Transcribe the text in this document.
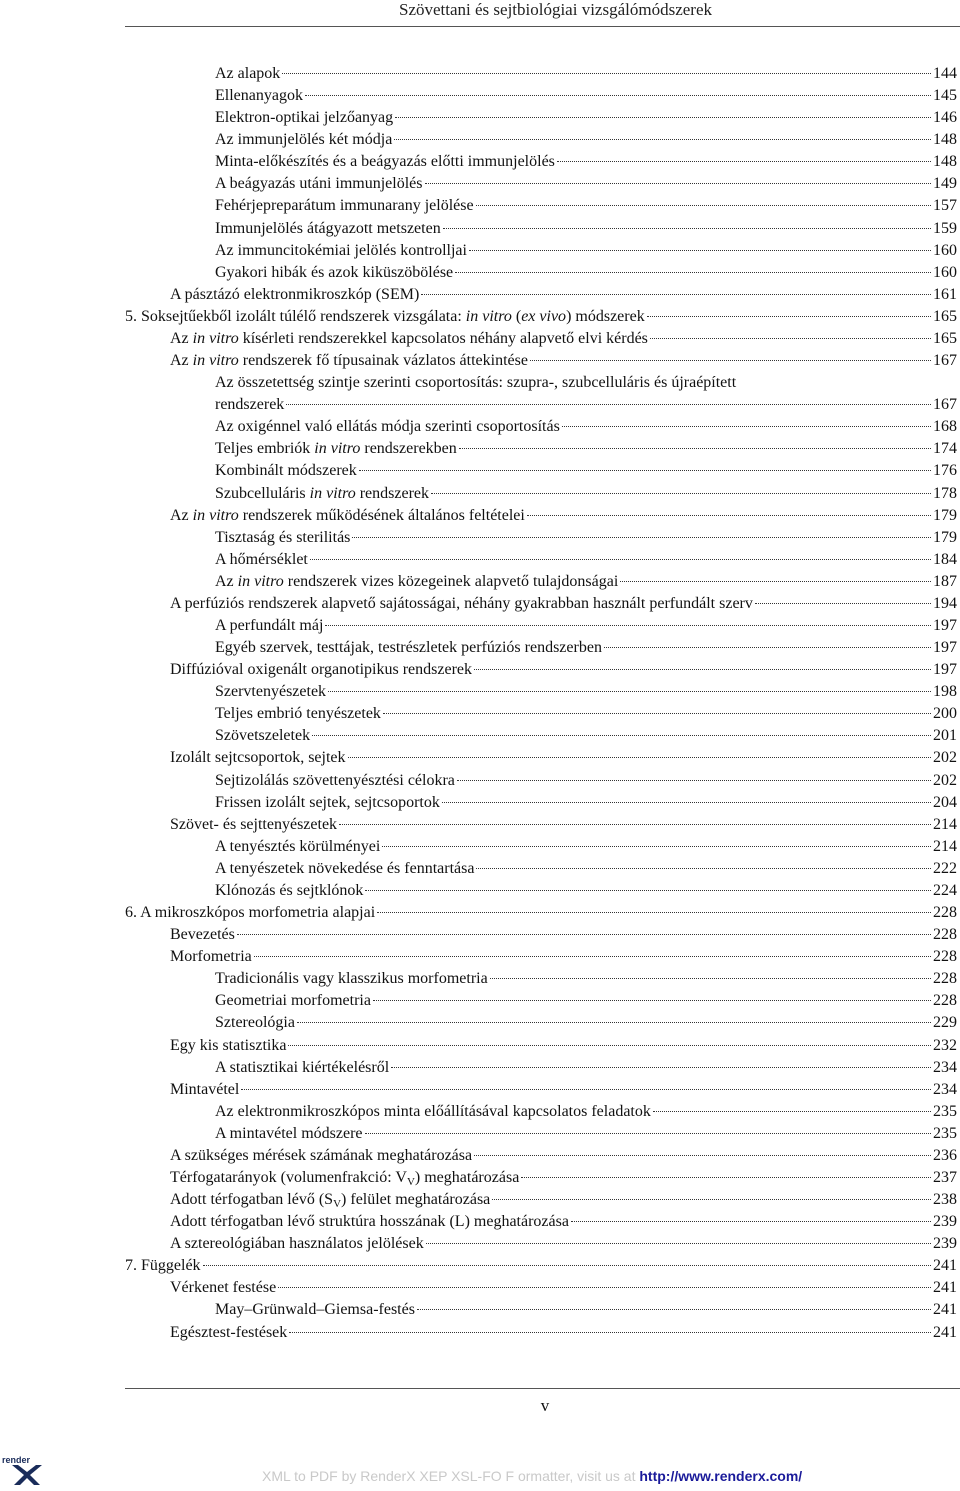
Szövettani és sejtbiológiai vizsgálómódszerek
Az alapok	144
Ellenanyagok	145
Elektron-optikai jelzőanyag	146
Az immunjelölés két módja	148
Minta-előkészítés és a beágyazás előtti immunjelölés	148
A beágyazás utáni immunjelölés	149
Fehérjepreparátum immunarany jelölése	157
Immunjelölés átágyazott metszeten	159
Az immuncitokémiai jelölés kontrolljai	160
Gyakori hibák és azok kiküszöbölése	160
A pásztázó elektronmikroszkóp (SEM)	161
5. Soksejtűekből izolált túlélő rendszerek vizsgálata: in vitro (ex vivo) módszerek	165
Az in vitro kísérleti rendszerekkel kapcsolatos néhány alapvető elvi kérdés	165
Az in vitro rendszerek fő típusainak vázlatos áttekintése	167
Az összetettség szintje szerinti csoportosítás: szupra-, szubcelluláris és újraépített
rendszerek	167
Az oxigénnel való ellátás módja szerinti csoportosítás	168
Teljes embriók in vitro rendszerekben	174
Kombinált módszerek	176
Szubcelluláris in vitro rendszerek	178
Az in vitro rendszerek működésének általános feltételei	179
Tisztaság és sterilitás	179
A hőmérséklet	184
Az in vitro rendszerek vizes közegeinek alapvető tulajdonságai	187
A perfúziós rendszerek alapvető sajátosságai, néhány gyakrabban használt perfundált szerv	194
A perfundált máj	197
Egyéb szervek, testtájak, testrészletek perfúziós rendszerben	197
Diffúzióval oxigenált organotipikus rendszerek	197
Szervtenyészetek	198
Teljes embrió tenyészetek	200
Szövetszeletek	201
Izolált sejtcsoportok, sejtek	202
Sejtizolálás szövettenyésztési célokra	202
Frissen izolált sejtek, sejtcsoportok	204
Szövet- és sejttenyészetek	214
A tenyésztés körülményei	214
A tenyészetek növekedése és fenntartása	222
Klónozás és sejtklónok	224
6. A mikroszkópos morfometria alapjai	228
Bevezetés	228
Morfometria	228
Tradicionális vagy klasszikus morfometria	228
Geometriai morfometria	228
Sztereológia	229
Egy kis statisztika	232
A statisztikai kiértékelésről	234
Mintavétel	234
Az elektronmikroszkópos minta előállításával kapcsolatos feladatok	235
A mintavétel módszere	235
A szükséges mérések számának meghatározása	236
Térfogatarányok (volumenfrakció: $V_V$) meghatározása	237
Adott térfogatban lévő $(S_V)$ felület meghatározása	238
Adott térfogatban lévő struktúra hosszának (L) meghatározása	239
A sztereológiában használatos jelölések	239
7. Függelék	241
Vérkenet festése	241
May–Grünwald–Giemsa-festés	241
Egésztest-festések	241
v
render
XML to PDF by RenderX XEP XSL-FO F ormatter, visit us at http://www.renderx.com/
